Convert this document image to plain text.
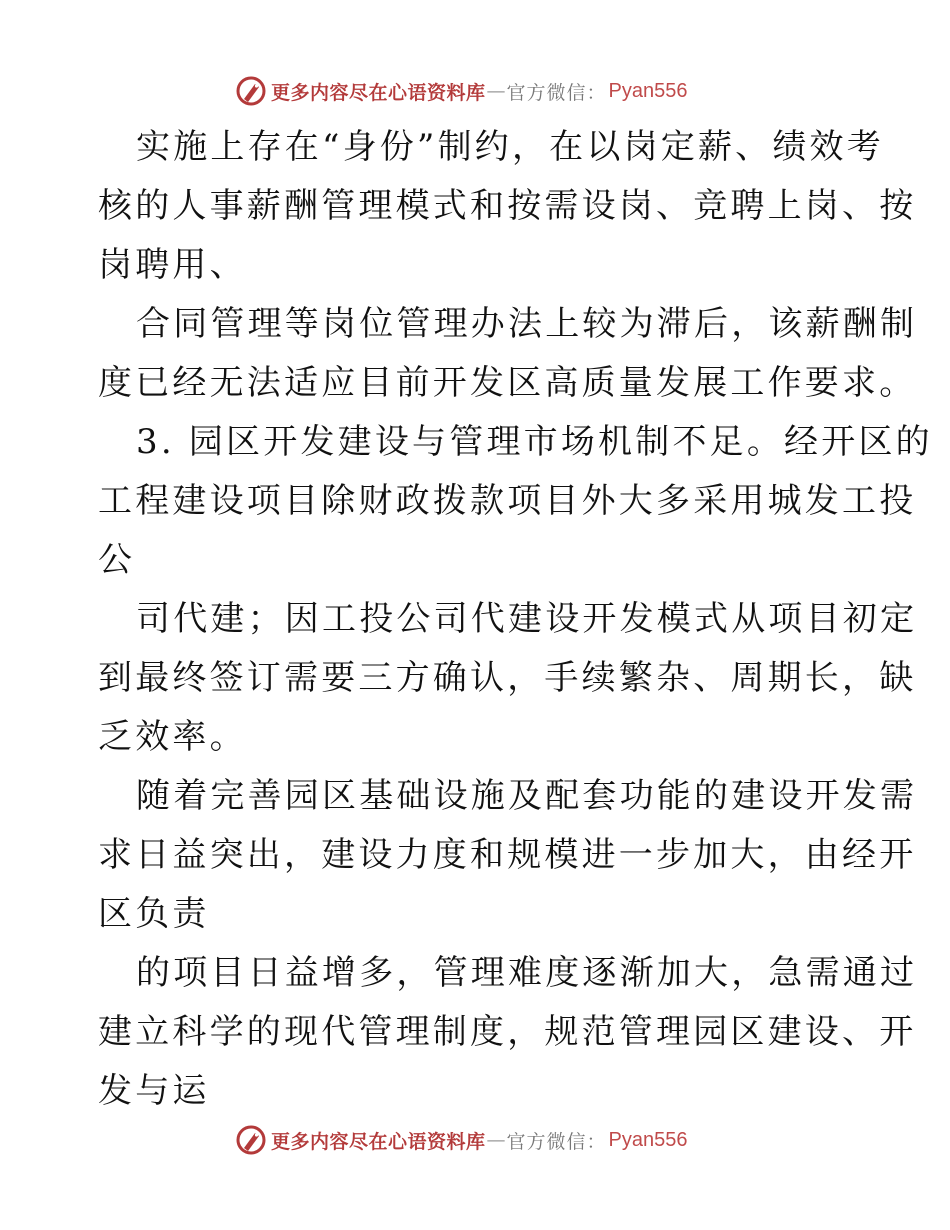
更多内容尽在心语资料库 — 官方微信： Pyan556
实施上存在“身份”制约，在以岗定薪、绩效考
核的人事薪酬管理模式和按需设岗、竞聘上岗、按
岗聘用、
合同管理等岗位管理办法上较为滞后，该薪酬制
度已经无法适应目前开发区高质量发展工作要求。
3. 园区开发建设与管理市场机制不足。经开区的
工程建设项目除财政拨款项目外大多采用城发工投
公
司代建；因工投公司代建设开发模式从项目初定
到最终签订需要三方确认，手续繁杂、周期长，缺
乏效率。
随着完善园区基础设施及配套功能的建设开发需
求日益突出，建设力度和规模进一步加大，由经开
区负责
的项目日益增多，管理难度逐渐加大，急需通过
建立科学的现代管理制度，规范管理园区建设、开
发与运
更多内容尽在心语资料库 — 官方微信： Pyan556
